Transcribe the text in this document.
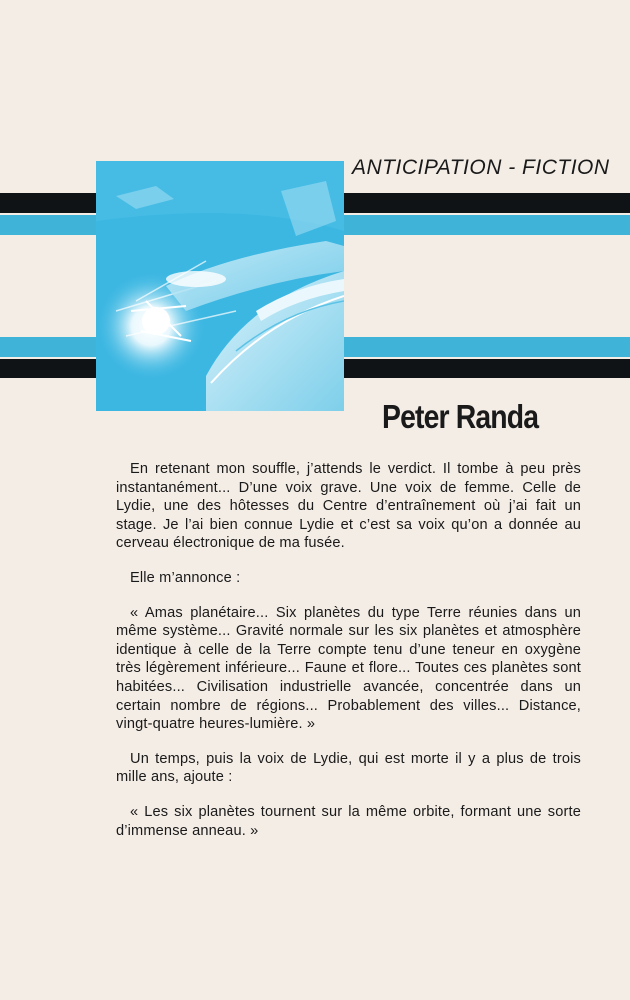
ANTICIPATION - FICTION
Peter Randa

En retenant mon souffle, j’attends le verdict. Il tombe à peu près instantanément... D’une voix grave. Une voix de femme. Celle de Lydie, une des hôtesses du Centre d’entraînement où j’ai fait un stage. Je l’ai bien connue Lydie et c’est sa voix qu’on a donnée au cerveau électronique de ma fusée.

Elle m’annonce :

« Amas planétaire... Six planètes du type Terre réunies dans un même système... Gravité normale sur les six planètes et atmosphère identique à celle de la Terre compte tenu d’une teneur en oxygène très légèrement inférieure... Faune et flore... Toutes ces planètes sont habitées... Civilisation industrielle avancée, concentrée dans un certain nombre de régions... Probablement des villes... Distance, vingt-quatre heures-lumière. »

Un temps, puis la voix de Lydie, qui est morte il y a plus de trois mille ans, ajoute :

« Les six planètes tournent sur la même orbite, formant une sorte d’immense anneau. »
